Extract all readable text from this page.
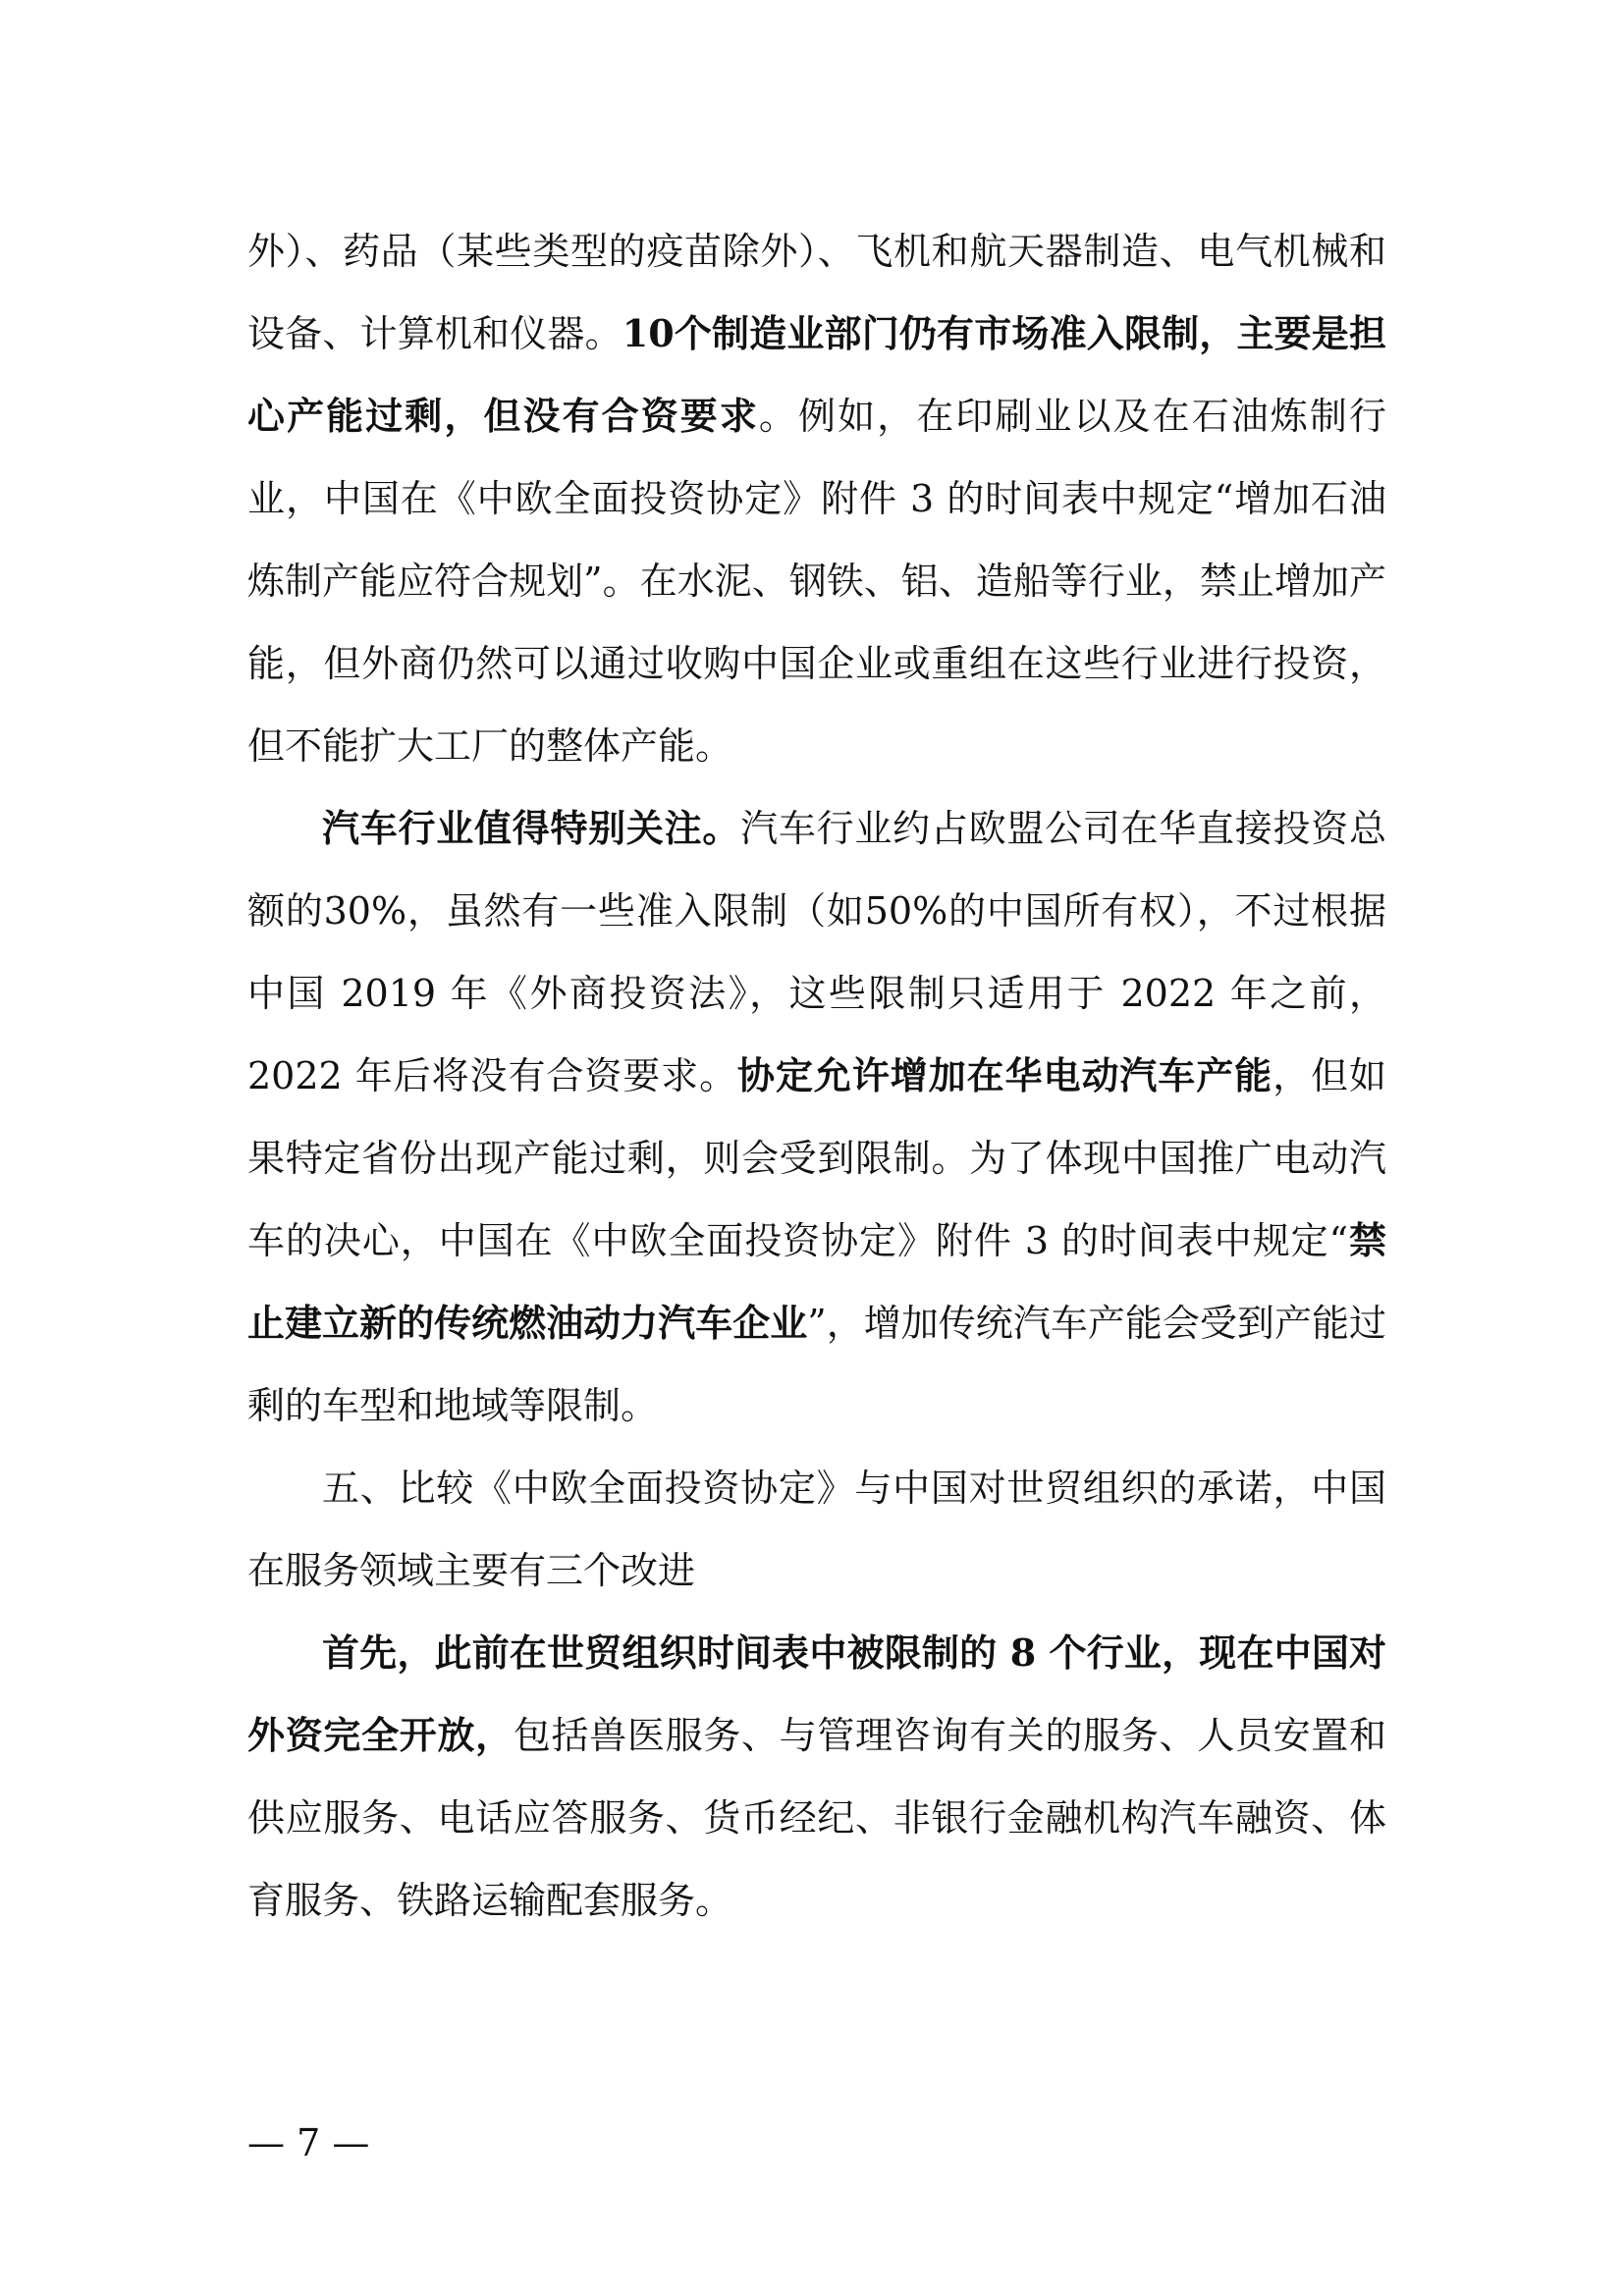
外）、药品（某些类型的疫苗除外）、飞机和航天器制造、电气机械和设备、计算机和仪器。10个制造业部门仍有市场准入限制，主要是担心产能过剩，但没有合资要求。例如，在印刷业以及在石油炼制行业，中国在《中欧全面投资协定》附件 3 的时间表中规定“增加石油炼制产能应符合规划”。在水泥、钢铁、铝、造船等行业，禁止增加产能，但外商仍然可以通过收购中国企业或重组在这些行业进行投资，但不能扩大工厂的整体产能。

汽车行业值得特别关注。汽车行业约占欧盟公司在华直接投资总额的30%，虽然有一些准入限制（如50%的中国所有权），不过根据中国 2019 年《外商投资法》，这些限制只适用于 2022 年之前，2022 年后将没有合资要求。协定允许增加在华电动汽车产能，但如果特定省份出现产能过剩，则会受到限制。为了体现中国推广电动汽车的决心，中国在《中欧全面投资协定》附件 3 的时间表中规定“禁止建立新的传统燃油动力汽车企业”，增加传统汽车产能会受到产能过剩的车型和地域等限制。

五、比较《中欧全面投资协定》与中国对世贸组织的承诺，中国在服务领域主要有三个改进

首先，此前在世贸组织时间表中被限制的 8 个行业，现在中国对外资完全开放，包括兽医服务、与管理咨询有关的服务、人员安置和供应服务、电话应答服务、货币经纪、非银行金融机构汽车融资、体育服务、铁路运输配套服务。

— 7 —
